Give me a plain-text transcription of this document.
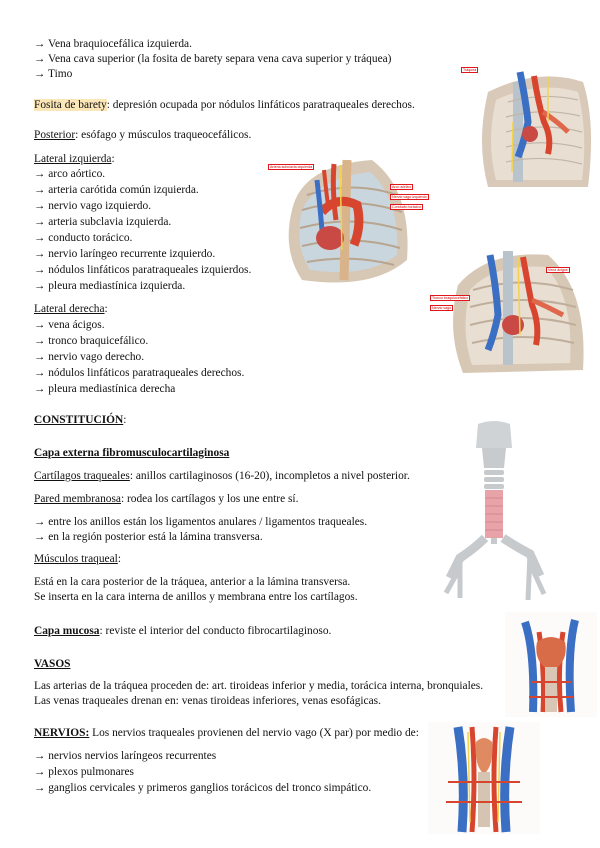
→ Vena braquiocefálica izquierda.
→ Vena cava superior (la fosita de barety separa vena cava superior y tráquea)
→ Timo
Fosita de barety: depresión ocupada por nódulos linfáticos paratraqueales derechos.
Posterior: esófago y músculos traqueocefálicos.
Lateral izquierda:
→ arco aórtico.
→ arteria carótida común izquierda.
→ nervio vago izquierdo.
→ arteria subclavia izquierda.
→ conducto torácico.
→ nervio laríngeo recurrente izquierdo.
→ nódulos linfáticos paratraqueales izquierdos.
→ pleura mediastínica izquierda.
Lateral derecha:
→ vena ácigos.
→ tronco braquicefálico.
→ nervio vago derecho.
→ nódulos linfáticos paratraqueales derechos.
→ pleura mediastínica derecha
CONSTITUCIÓN:
Capa externa fibromusculocartilaginosa
Cartílagos traqueales: anillos cartilaginosos (16-20), incompletos a nivel posterior.
Pared membranosa: rodea los cartílagos y los une entre sí.
→ entre los anillos están los ligamentos anulares / ligamentos traqueales.
→ en la región posterior está la lámina transversa.
Músculos traqueal:
Está en la cara posterior de la tráquea, anterior a la lámina transversa.
Se inserta en la cara interna de anillos y membrana entre los cartílagos.
Capa mucosa: reviste el interior del conducto fibrocartilaginoso.
VASOS
Las arterias de la tráquea proceden de: art. tiroideas inferior y media, torácica interna, bronquiales.
Las venas traqueales drenan en: venas tiroideas inferiores, venas esofágicas.
NERVIOS: Los nervios traqueales provienen del nervio vago (X par) por medio de:
→ nervios nervios laríngeos recurrentes
→ plexos pulmonares
→ ganglios cervicales y primeros ganglios torácicos del tronco simpático.
Tráquea
Arteria subclavia izquierda
Arco aórtico
Nervio vago izquierdo
Conducto torácico
Vena ácigos
Tronco braquiocefálico
Nervio vago
